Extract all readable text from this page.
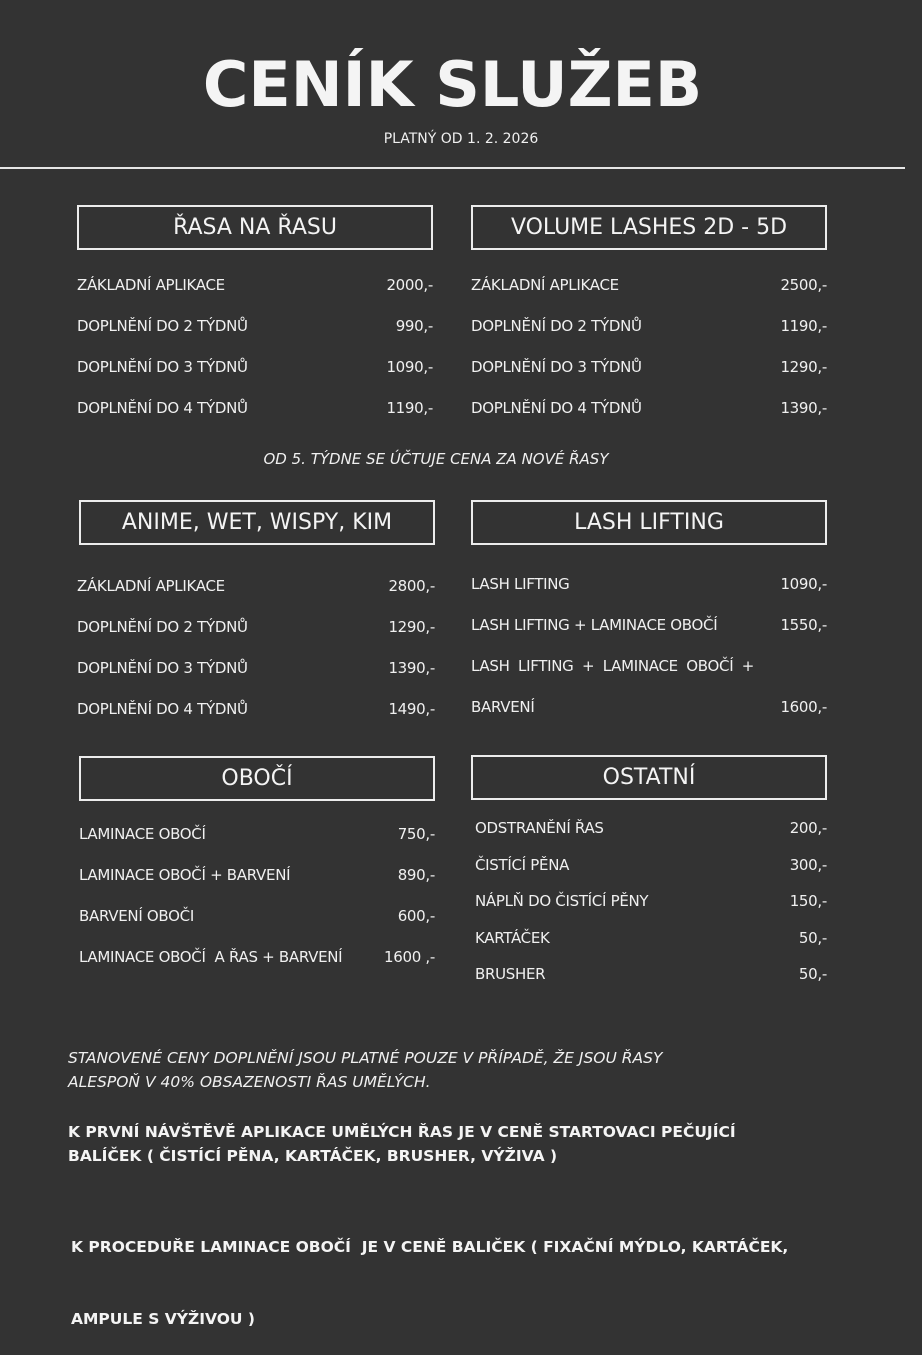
CENÍK SLUŽEB
PLATNÝ OD 1. 2. 2026
ŘASA NA ŘASU
ZÁKLADNÍ APLIKACE	2000,-
DOPLNĚNÍ DO 2 TÝDNŮ	990,-
DOPLNĚNÍ DO 3 TÝDNŮ	1090,-
DOPLNĚNÍ DO 4 TÝDNŮ	1190,-
VOLUME LASHES 2D - 5D
ZÁKLADNÍ APLIKACE	2500,-
DOPLNĚNÍ DO 2 TÝDNŮ	1190,-
DOPLNĚNÍ DO 3 TÝDNŮ	1290,-
DOPLNĚNÍ DO 4 TÝDNŮ	1390,-
OD 5. TÝDNE SE ÚČTUJE CENA ZA NOVÉ ŘASY
ANIME, WET, WISPY, KIM
ZÁKLADNÍ APLIKACE	2800,-
DOPLNĚNÍ DO 2 TÝDNŮ	1290,-
DOPLNĚNÍ DO 3 TÝDNŮ	1390,-
DOPLNĚNÍ DO 4 TÝDNŮ	1490,-
LASH LIFTING
LASH LIFTING	1090,-
LASH LIFTING + LAMINACE OBOČÍ	1550,-
LASH LIFTING + LAMINACE OBOČÍ +
BARVENÍ	1600,-
OBOČÍ
LAMINACE OBOČÍ	750,-
LAMINACE OBOČÍ + BARVENÍ	890,-
BARVENÍ OBOČI	600,-
LAMINACE OBOČÍ  A ŘAS + BARVENÍ	1600 ,-
OSTATNÍ
ODSTRANĚNÍ ŘAS	200,-
ČISTÍCÍ PĚNA	300,-
NÁPLŇ DO ČISTÍCÍ PĚNY	150,-
KARTÁČEK	50,-
BRUSHER	50,-
STANOVENÉ CENY DOPLNĚNÍ JSOU PLATNÉ POUZE V PŘÍPADĚ, ŽE JSOU ŘASY
ALESPOŇ V 40% OBSAZENOSTI ŘAS UMĚLÝCH.
K PRVNÍ NÁVŠTĚVĚ APLIKACE UMĚLÝCH ŘAS JE V CENĚ STARTOVACI PEČUJÍCÍ
BALÍČEK ( ČISTÍCÍ PĚNA, KARTÁČEK, BRUSHER, VÝŽIVA )

K PROCEDUŘE LAMINACE OBOČÍ  JE V CENĚ BALIČEK ( FIXAČNÍ MÝDLO, KARTÁČEK,

AMPULE S VÝŽIVOU )
